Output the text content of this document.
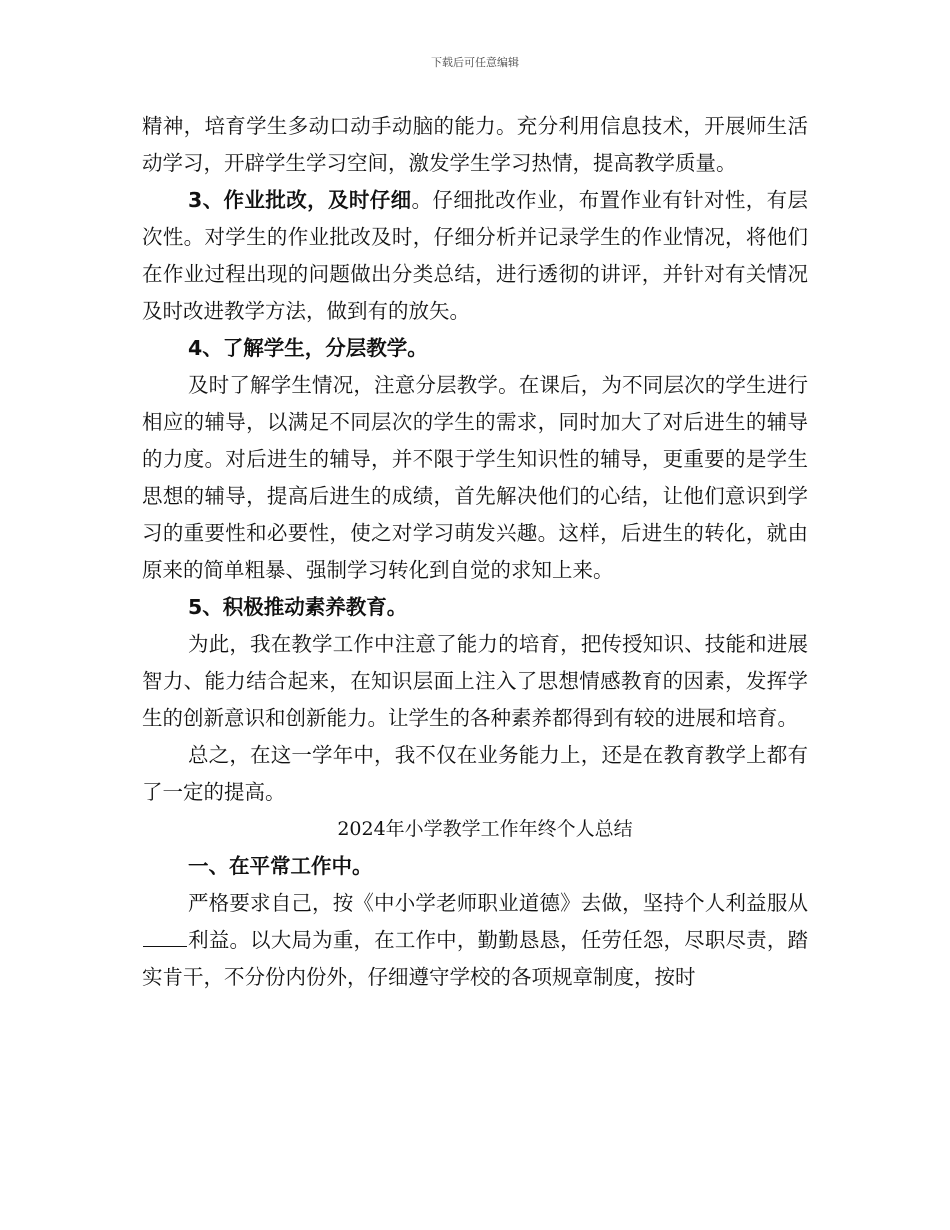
下载后可任意编辑

精神，培育学生多动口动手动脑的能力。充分利用信息技术，开展师生活动学习，开辟学生学习空间，激发学生学习热情，提高教学质量。

3、作业批改，及时仔细。仔细批改作业，布置作业有针对性，有层次性。对学生的作业批改及时，仔细分析并记录学生的作业情况，将他们在作业过程出现的问题做出分类总结，进行透彻的讲评，并针对有关情况及时改进教学方法，做到有的放矢。

4、了解学生，分层教学。

及时了解学生情况，注意分层教学。在课后，为不同层次的学生进行相应的辅导，以满足不同层次的学生的需求，同时加大了对后进生的辅导的力度。对后进生的辅导，并不限于学生知识性的辅导，更重要的是学生思想的辅导，提高后进生的成绩，首先解决他们的心结，让他们意识到学习的重要性和必要性，使之对学习萌发兴趣。这样，后进生的转化，就由原来的简单粗暴、强制学习转化到自觉的求知上来。

5、积极推动素养教育。

为此，我在教学工作中注意了能力的培育，把传授知识、技能和进展智力、能力结合起来，在知识层面上注入了思想情感教育的因素，发挥学生的创新意识和创新能力。让学生的各种素养都得到有较的进展和培育。

总之，在这一学年中，我不仅在业务能力上，还是在教育教学上都有了一定的提高。

2024年小学教学工作年终个人总结

一、在平常工作中。

严格要求自己，按《中小学老师职业道德》去做，坚持个人利益服从利益。以大局为重，在工作中，勤勤恳恳，任劳任怨，尽职尽责，踏实肯干，不分份内份外，仔细遵守学校的各项规章制度，按时
